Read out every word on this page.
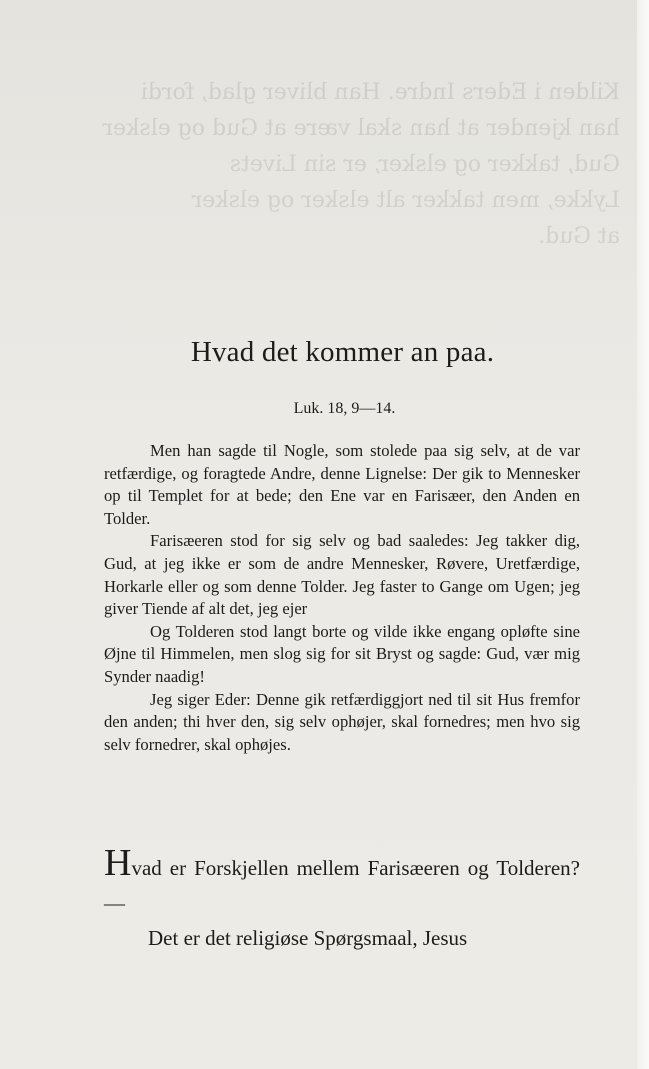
Kilden i Eders Indre. Han bliver glad, fordi
han kjender at han skal være at Gud og elsker
Gud, takker og elsker, er sin Livets
Lykke, men takker alt elsker og elsker
at Gud.
Hvad det kommer an paa.
Luk. 18, 9—14.

Men han sagde til Nogle, som stolede paa sig selv, at de var retfærdige, og foragtede Andre, denne Lignelse: Der gik to Mennesker op til Templet for at bede; den Ene var en Farisæer, den Anden en Tolder.

Farisæeren stod for sig selv og bad saaledes: Jeg takker dig, Gud, at jeg ikke er som de andre Mennesker, Røvere, Uretfærdige, Horkarle eller og som denne Tolder. Jeg faster to Gange om Ugen; jeg giver Tiende af alt det, jeg ejer

Og Tolderen stod langt borte og vilde ikke engang opløfte sine Øjne til Himmelen, men slog sig for sit Bryst og sagde: Gud, vær mig Synder naadig!

Jeg siger Eder: Denne gik retfærdiggjort ned til sit Hus fremfor den anden; thi hver den, sig selv ophøjer, skal fornedres; men hvo sig selv fornedrer, skal ophøjes.

Hvad er Forskjellen mellem Farisæeren og Tolderen? —

Det er det religiøse Spørgsmaal, Jesus
